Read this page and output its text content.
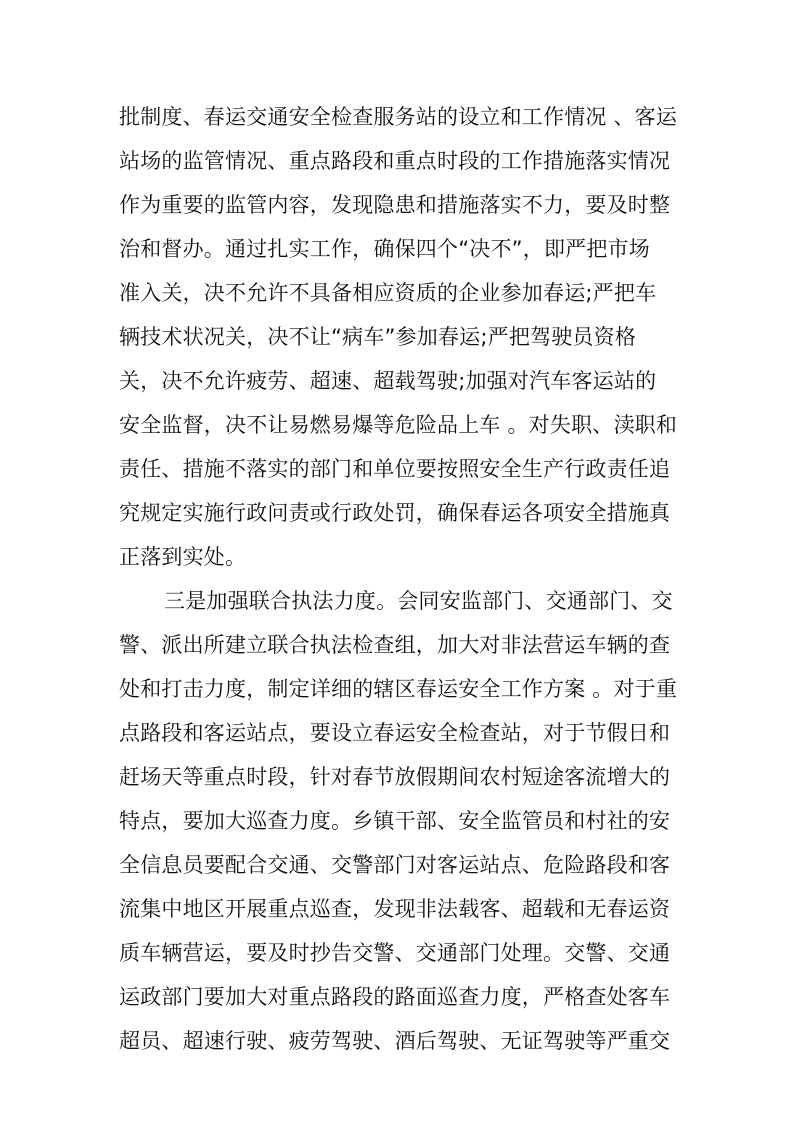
批制度、春运交通安全检查服务站的设立和工作情况 、客运
站场的监管情况、重点路段和重点时段的工作措施落实情况
作为重要的监管内容，发现隐患和措施落实不力，要及时整
治和督办。通过扎实工作，确保四个“决不”，即严把市场
准入关，决不允许不具备相应资质的企业参加春运;严把车
辆技术状况关，决不让“病车”参加春运;严把驾驶员资格
关，决不允许疲劳、超速、超载驾驶;加强对汽车客运站的
安全监督，决不让易燃易爆等危险品上车 。对失职、渎职和
责任、措施不落实的部门和单位要按照安全生产行政责任追
究规定实施行政问责或行政处罚，确保春运各项安全措施真
正落到实处。
三是加强联合执法力度。会同安监部门、交通部门、交
警、派出所建立联合执法检查组，加大对非法营运车辆的查
处和打击力度，制定详细的辖区春运安全工作方案 。对于重
点路段和客运站点，要设立春运安全检查站，对于节假日和
赶场天等重点时段，针对春节放假期间农村短途客流增大的
特点，要加大巡查力度。乡镇干部、安全监管员和村社的安
全信息员要配合交通、交警部门对客运站点、危险路段和客
流集中地区开展重点巡查，发现非法载客、超载和无春运资
质车辆营运，要及时抄告交警、交通部门处理。交警、交通
运政部门要加大对重点路段的路面巡查力度，严格查处客车
超员、超速行驶、疲劳驾驶、酒后驾驶、无证驾驶等严重交
